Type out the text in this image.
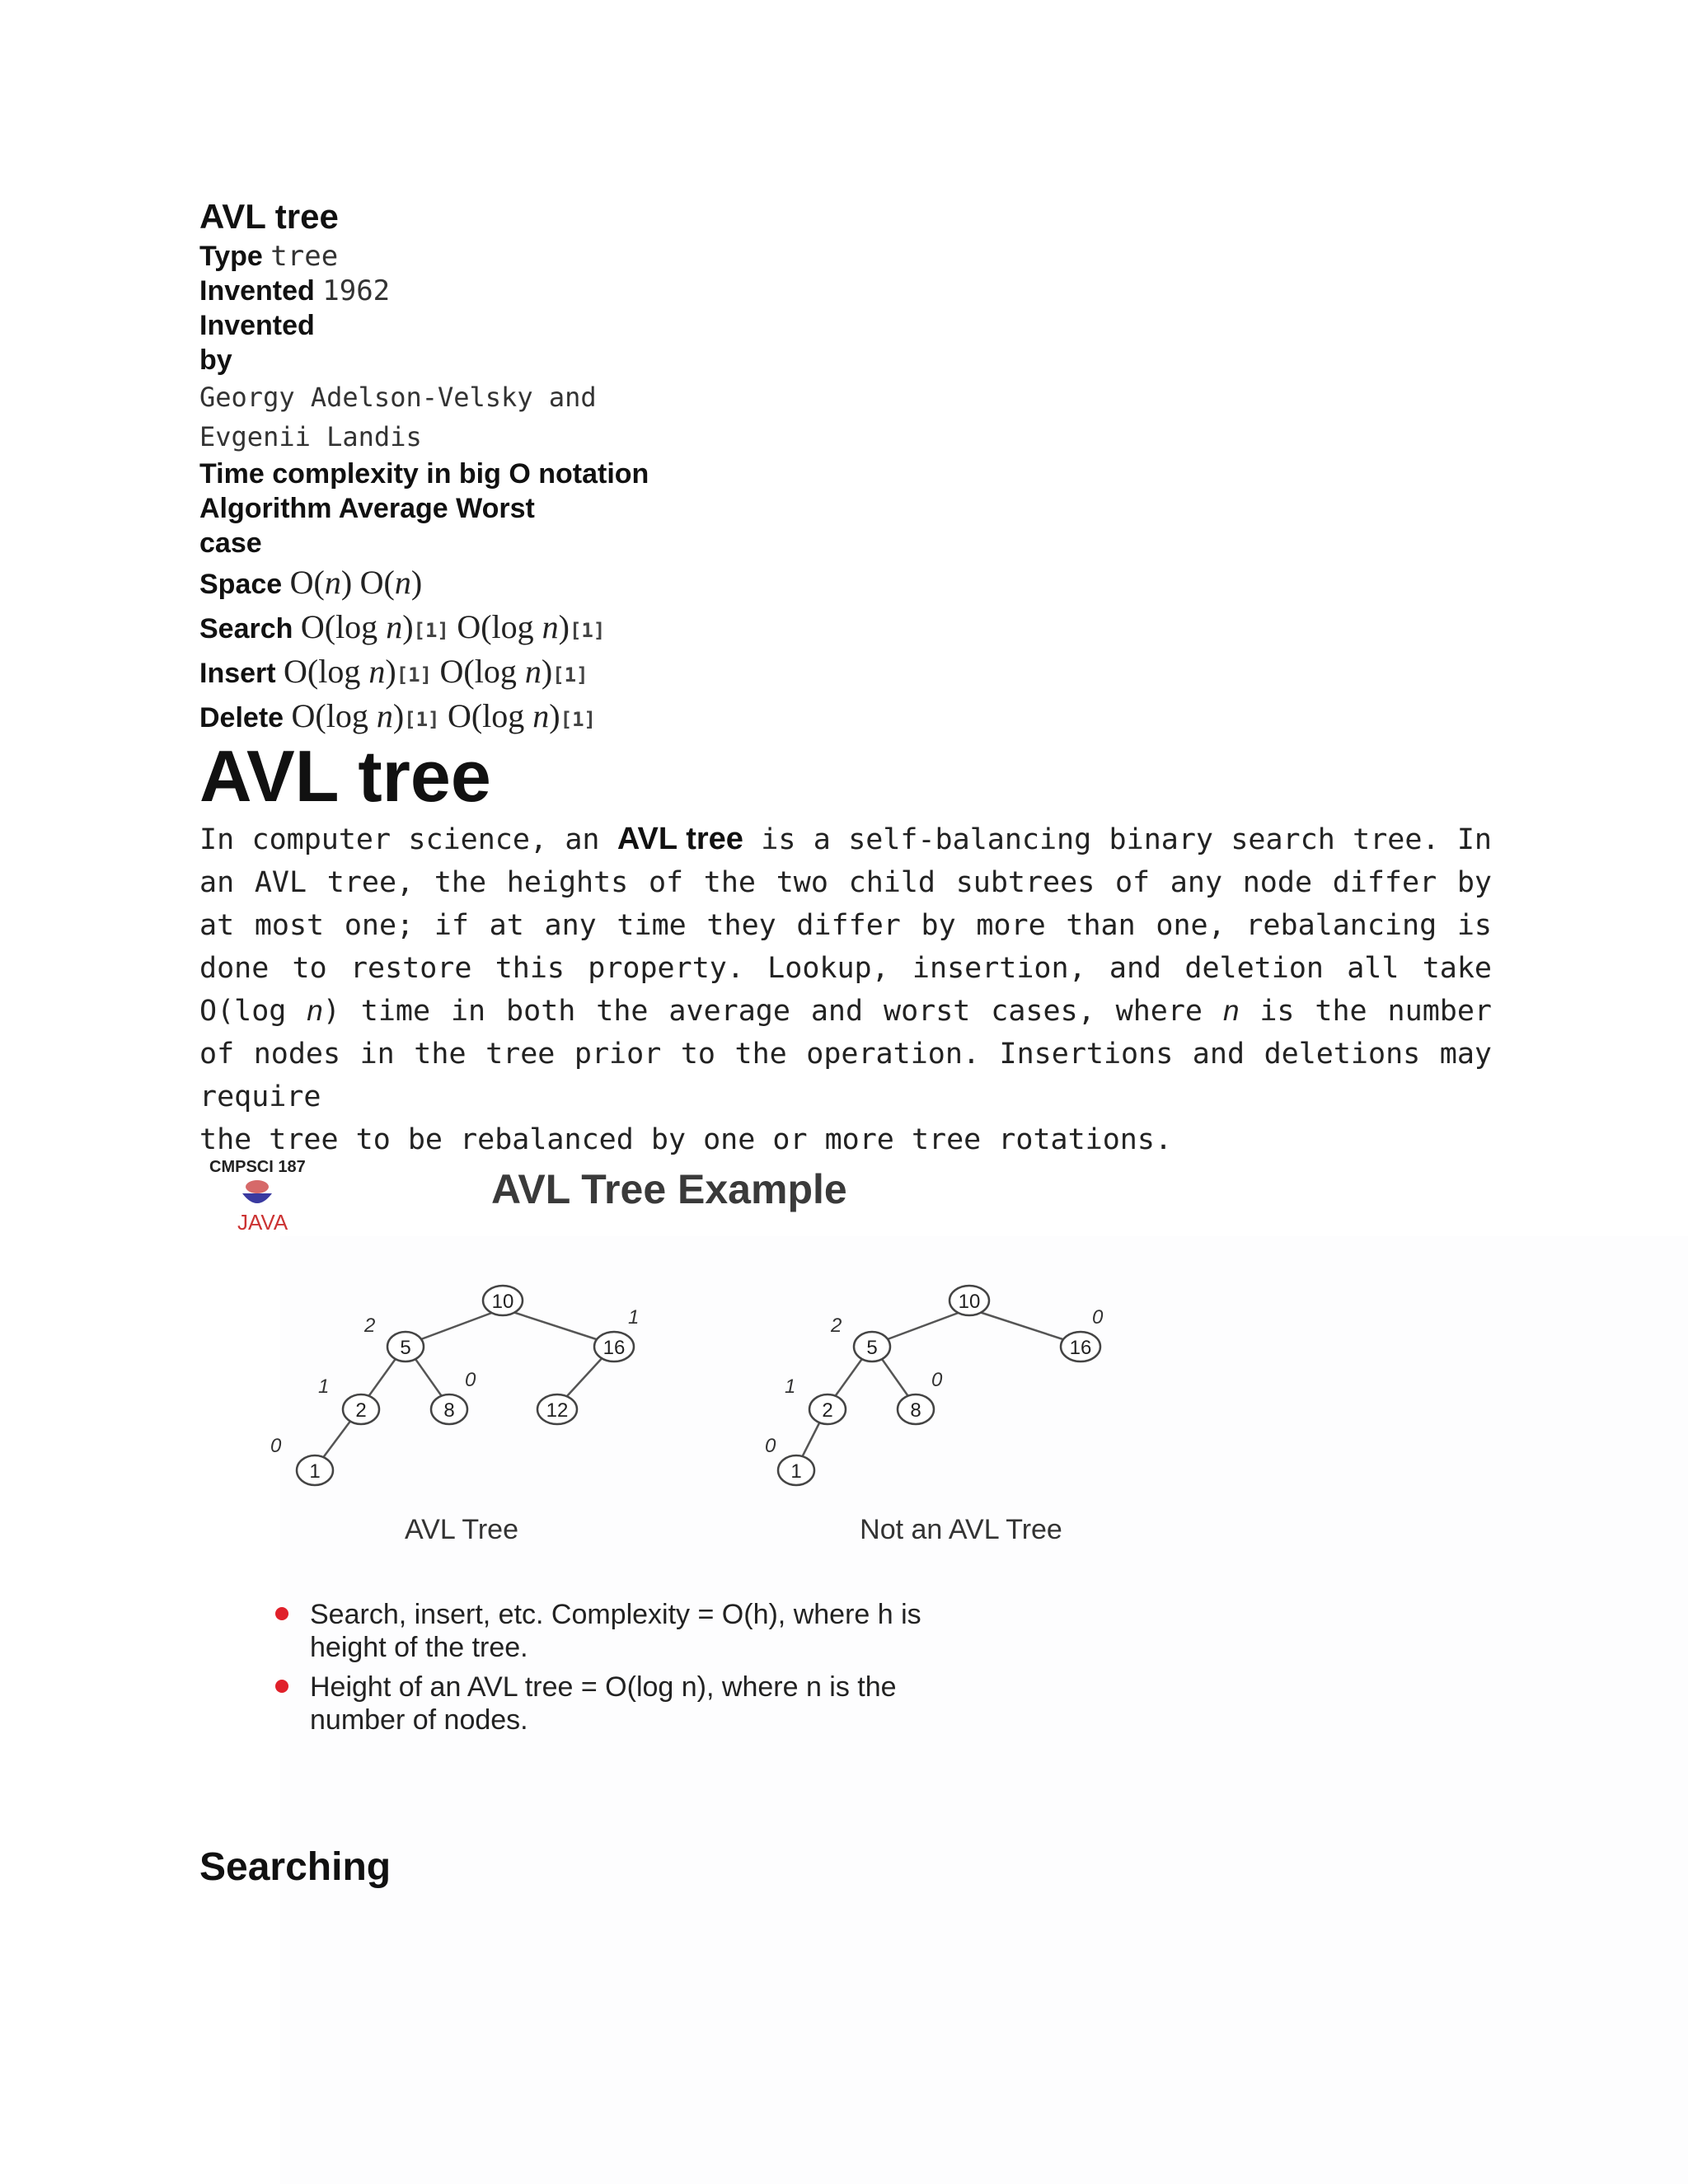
AVL tree
Type tree
Invented 1962
Invented
by
Georgy Adelson-Velsky and
Evgenii Landis
Time complexity in big O notation
Algorithm Average Worst
case
Space O(n) O(n)
Search O(log n)[1] O(log n)[1]
Insert O(log n)[1] O(log n)[1]
Delete O(log n)[1] O(log n)[1]
AVL tree

In computer science, an AVL tree is a self-balancing binary search tree. In an AVL tree, the heights of the two child subtrees of any node differ by at most one; if at any time they differ by more than one, rebalancing is done to restore this property. Lookup, insertion, and deletion all take O(log n) time in both the average and worst cases, where n is the number of nodes in the tree prior to the operation. Insertions and deletions may require
the tree to be rebalanced by one or more tree rotations.

CMPSCI 187
JAVA
AVL Tree Example
10
5	16
2	8	12
1
2	1
1	0
0
10
5	16
2	8
1
2	0
1	0
0
AVL Tree	Not an AVL Tree
Search, insert, etc. Complexity = O(h), where h is
height of the tree.
Height of an AVL tree = O(log n), where n is the
number of nodes.
Searching
